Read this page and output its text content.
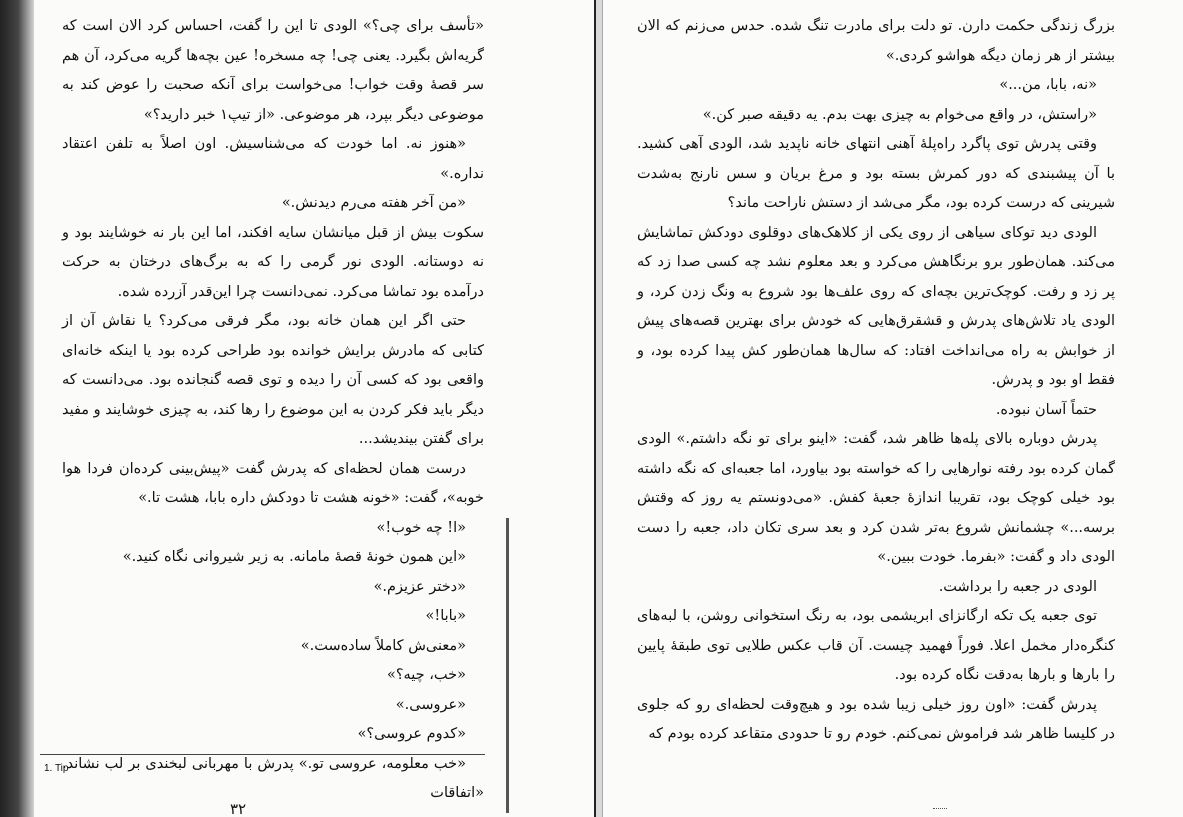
«تأسف برای چی؟» الودی تا این را گفت، احساس کرد الان است که گریه‌اش بگیرد. یعنی چی! چه مسخره! عین بچه‌ها گریه می‌کرد، آن هم سر قصهٔ وقت خواب! می‌خواست برای آنکه صحبت را عوض کند به موضوعی دیگر بپرد، هر موضوعی. «از تیپ۱ خبر دارید؟»

«هنوز نه. اما خودت که می‌شناسیش. اون اصلاً به تلفن اعتقاد نداره.»

«من آخر هفته می‌رم دیدنش.»

سکوت بیش از قبل میانشان سایه افکند، اما این بار نه خوشایند بود و نه دوستانه. الودی نور گرمی را که به برگ‌های درختان به حرکت درآمده بود تماشا می‌کرد. نمی‌دانست چرا این‌قدر آزرده شده.

حتی اگر این همان خانه بود، مگر فرقی می‌کرد؟ یا نقاش آن از کتابی که مادرش برایش خوانده بود طراحی کرده بود یا اینکه خانه‌ای واقعی بود که کسی آن را دیده و توی قصه گنجانده بود. می‌دانست که دیگر باید فکر کردن به این موضوع را رها کند، به چیزی خوشایند و مفید برای گفتن بیندیشد...

درست همان لحظه‌ای که پدرش گفت «پیش‌بینی کرده‌ان فردا هوا خوبه»، گفت: «خونه هشت تا دودکش داره بابا، هشت تا.»

«ا! چه خوب!»

«این همون خونهٔ قصهٔ مامانه. به زیر شیروانی نگاه کنید.»

«دختر عزیزم.»

«بابا!»

«معنی‌ش کاملاً ساده‌ست.»

«خب، چیه؟»

«عروسی.»

«کدوم عروسی؟»

«خب معلومه، عروسی تو.» پدرش با مهربانی لبخندی بر لب نشاند. «اتفاقات

1. Tip
۳۲

بزرگ زندگی حکمت دارن. تو دلت برای مادرت تنگ شده. حدس می‌زنم که الان بیشتر از هر زمان دیگه هواشو کردی.»

«نه، بابا، من...»

«راستش، در واقع می‌خوام به چیزی بهت بدم. یه دقیقه صبر کن.»

وقتی پدرش توی پاگرد راه‌پلهٔ آهنی انتهای خانه ناپدید شد، الودی آهی کشید. با آن پیشبندی که دور کمرش بسته بود و مرغ بریان و سس نارنج به‌شدت شیرینی که درست کرده بود، مگر می‌شد از دستش ناراحت ماند؟

الودی دید توکای سیاهی از روی یکی از کلاهک‌های دوقلوی دودکش تماشایش می‌کند. همان‌طور برو برنگاهش می‌کرد و بعد معلوم نشد چه کسی صدا زد که پر زد و رفت. کوچک‌ترین بچه‌ای که روی علف‌ها بود شروع به ونگ زدن کرد، و الودی یاد تلاش‌های پدرش و قشقرق‌هایی که خودش برای بهترین قصه‌های پیش از خوابش به راه می‌انداخت افتاد: که سال‌ها همان‌طور کش پیدا کرده بود، و فقط او بود و پدرش.

حتماً آسان نبوده.

پدرش دوباره بالای پله‌ها ظاهر شد، گفت: «اینو برای تو نگه داشتم.» الودی گمان کرده بود رفته نوارهایی را که خواسته بود بیاورد، اما جعبه‌ای که نگه داشته بود خیلی کوچک بود، تقریبا اندازهٔ جعبهٔ کفش. «می‌دونستم یه روز که وقتش برسه...» چشمانش شروع به‌تر شدن کرد و بعد سری تکان داد، جعبه را دست الودی داد و گفت: «بفرما. خودت ببین.»

الودی در جعبه را برداشت.

توی جعبه یک تکه ارگانزای ابریشمی بود، به رنگ استخوانی روشن، با لبه‌های کنگره‌دار مخمل اعلا. فوراً فهمید چیست. آن قاب عکس طلایی توی طبقهٔ پایین را بارها و بارها به‌دقت نگاه کرده بود.

پدرش گفت: «اون روز خیلی زیبا شده بود و هیچ‌وقت لحظه‌ای رو که جلوی در کلیسا ظاهر شد فراموش نمی‌کنم. خودم رو تا حدودی متقاعد کرده بودم که
